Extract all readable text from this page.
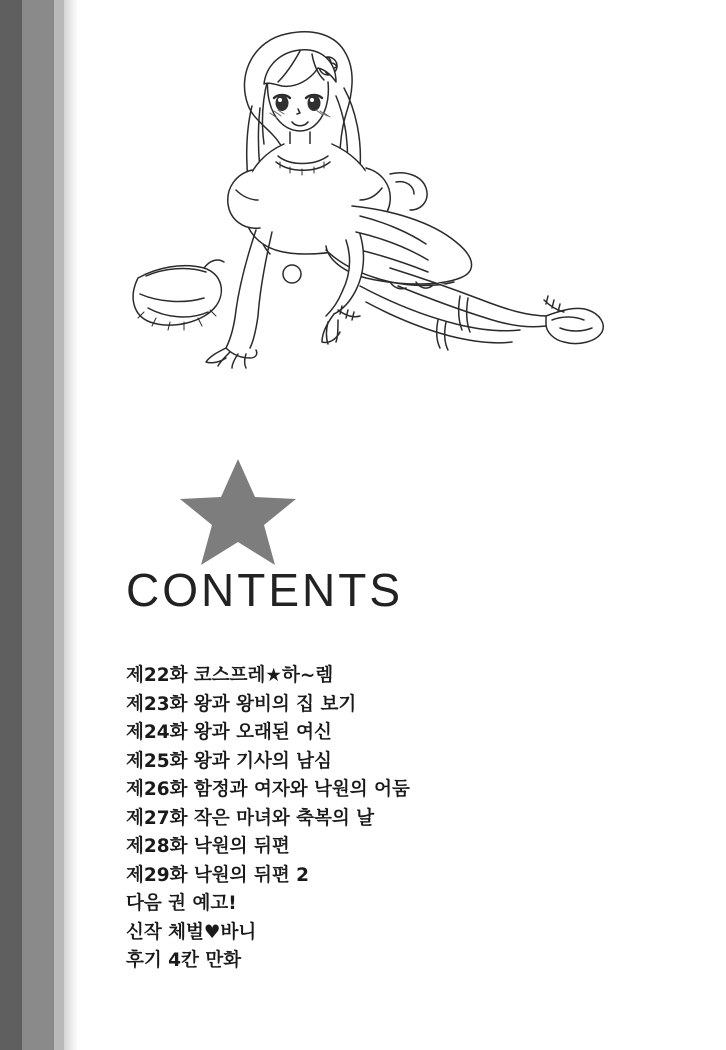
CONTENTS
제22화 코스프레★하~렘
제23화 왕과 왕비의 집 보기
제24화 왕과 오래된 여신
제25화 왕과 기사의 남심
제26화 함정과 여자와 낙원의 어둠
제27화 작은 마녀와 축복의 날
제28화 낙원의 뒤편
제29화 낙원의 뒤편 2
다음 권 예고!
신작 체벌♥바니
후기 4칸 만화
